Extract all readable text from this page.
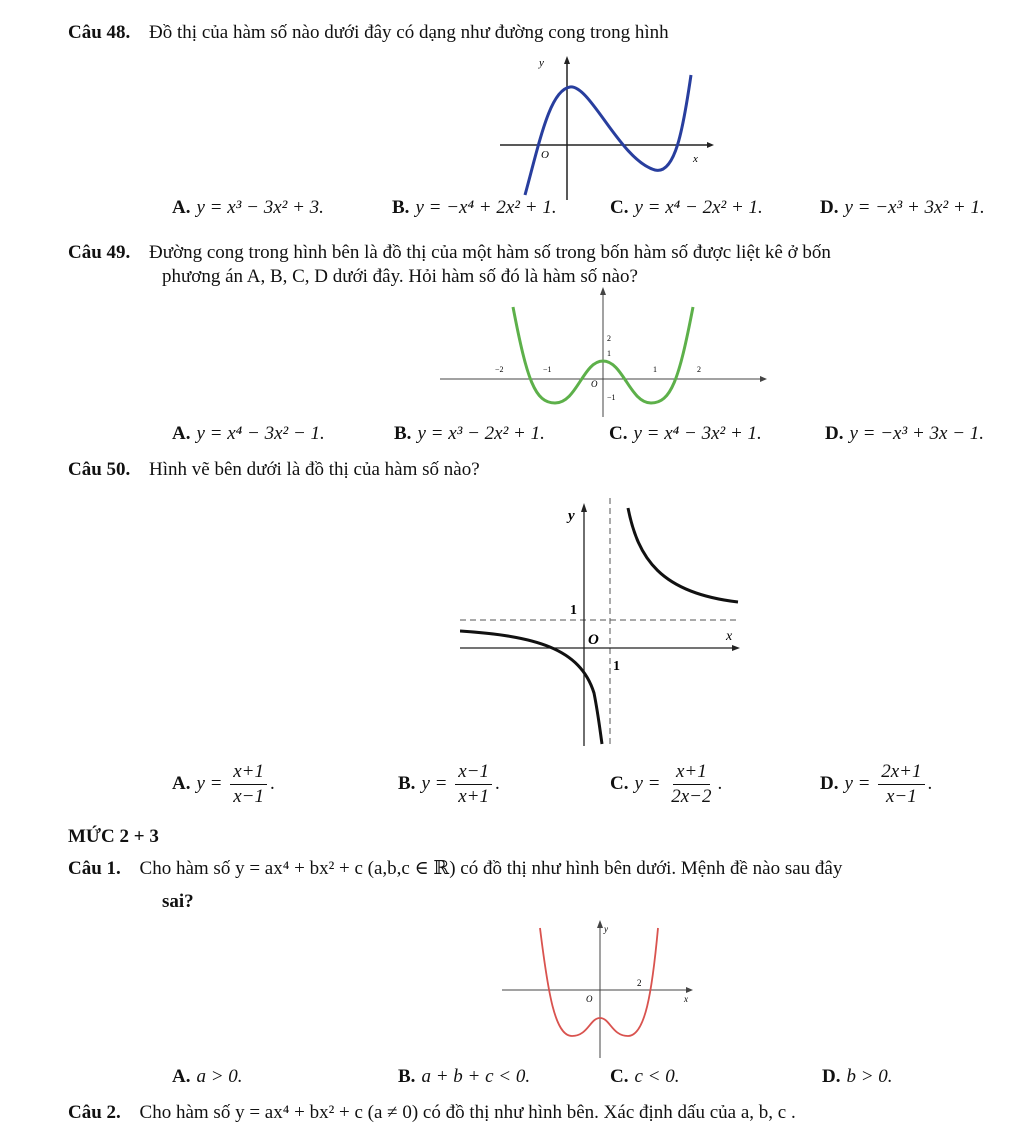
Câu 48. Đồ thị của hàm số nào dưới đây có dạng như đường cong trong hình
y
x
O
A. y = x³ − 3x² + 3.	B. y = −x⁴ + 2x² + 1.	C. y = x⁴ − 2x² + 1.	D. y = −x³ + 3x² + 1.
Câu 49. Đường cong trong hình bên là đồ thị của một hàm số trong bốn hàm số được liệt kê ở bốn
phương án A, B, C, D dưới đây. Hỏi hàm số đó là hàm số nào?
−2	−1	1	2
1
2
−1
O
A. y = x⁴ − 3x² − 1.	B. y = x³ − 2x² + 1.	C. y = x⁴ − 3x² + 1.	D. y = −x³ + 3x − 1.
Câu 50. Hình vẽ bên dưới là đồ thị của hàm số nào?
y
x
O
1
1
A. $y = \frac{x+1}{x-1}$ .	B. $y = \frac{x-1}{x+1}$ .	C. $y = \frac{x+1}{2x-2}$ .	D. $y = \frac{2x+1}{x-1}$ .
MỨC 2 + 3
Câu 1. Cho hàm số y = ax⁴ + bx² + c (a,b,c ∈ ℝ) có đồ thị như hình bên dưới. Mệnh đề nào sau đây
sai?
y
x
O
2
A. a > 0.	B. a + b + c < 0.	C. c < 0.	D. b > 0.
Câu 2. Cho hàm số y = ax⁴ + bx² + c (a ≠ 0) có đồ thị như hình bên. Xác định dấu của a, b, c .
